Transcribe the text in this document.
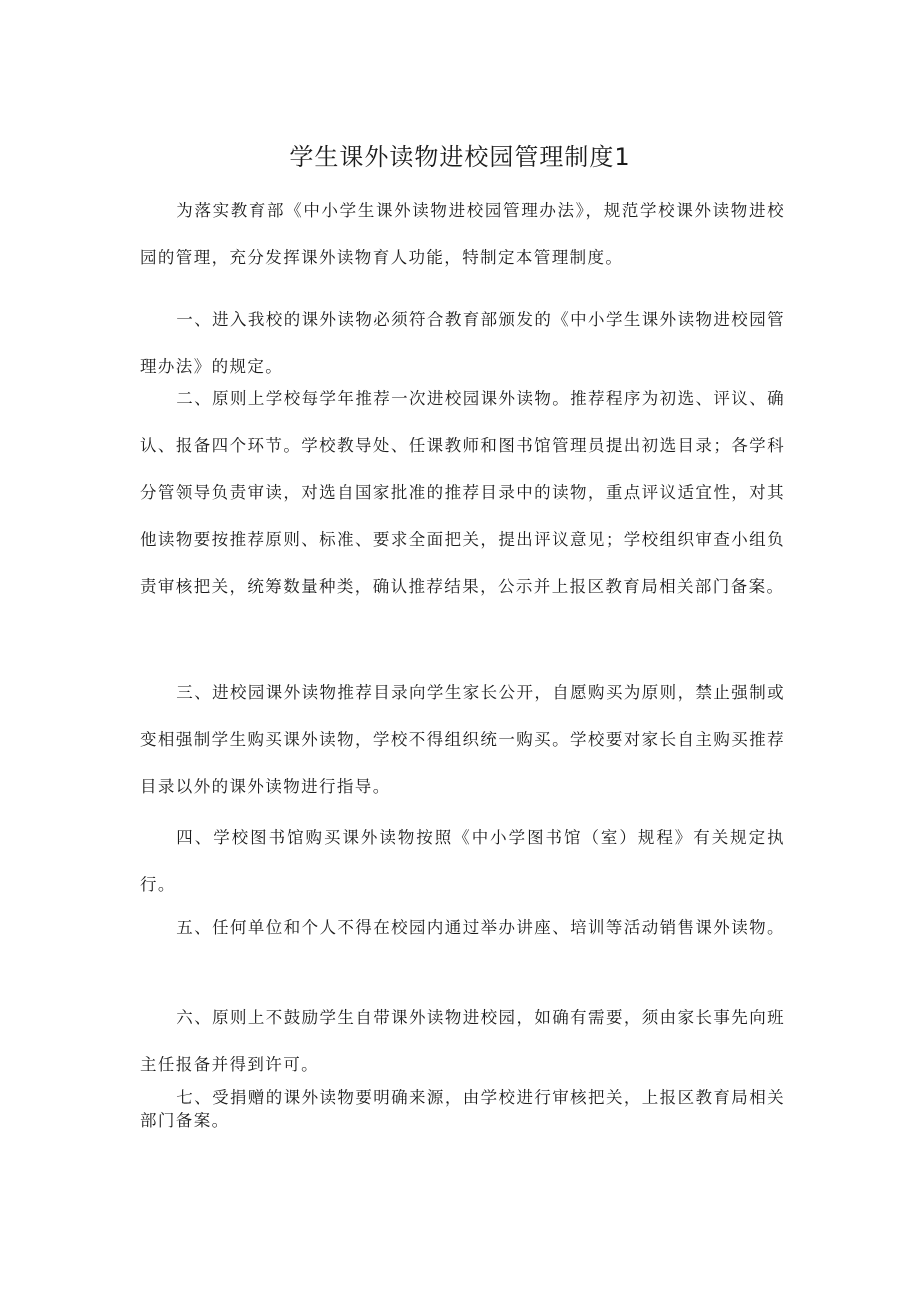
学生课外读物进校园管理制度1

为落实教育部《中小学生课外读物进校园管理办法》，规范学校课外读物进校园的管理，充分发挥课外读物育人功能，特制定本管理制度。

一、进入我校的课外读物必须符合教育部颁发的《中小学生课外读物进校园管理办法》的规定。

二、原则上学校每学年推荐一次进校园课外读物。推荐程序为初选、评议、确认、报备四个环节。学校教导处、任课教师和图书馆管理员提出初选目录；各学科分管领导负责审读，对选自国家批准的推荐目录中的读物，重点评议适宜性，对其他读物要按推荐原则、标准、要求全面把关，提出评议意见；学校组织审查小组负责审核把关，统筹数量种类，确认推荐结果，公示并上报区教育局相关部门备案。

三、进校园课外读物推荐目录向学生家长公开，自愿购买为原则，禁止强制或变相强制学生购买课外读物，学校不得组织统一购买。学校要对家长自主购买推荐目录以外的课外读物进行指导。

四、学校图书馆购买课外读物按照《中小学图书馆（室）规程》有关规定执行。

五、任何单位和个人不得在校园内通过举办讲座、培训等活动销售课外读物。

六、原则上不鼓励学生自带课外读物进校园，如确有需要，须由家长事先向班主任报备并得到许可。

七、受捐赠的课外读物要明确来源，由学校进行审核把关，上报区教育局相关部门备案。
